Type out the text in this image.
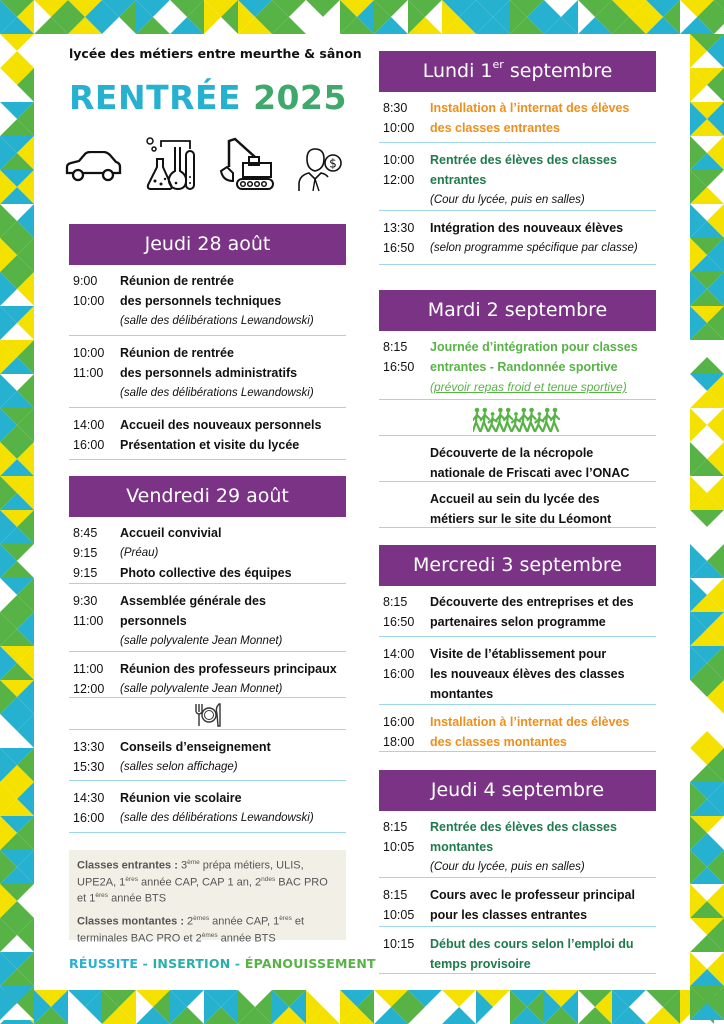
lycée des métiers entre meurthe & sânon
RENTRÉE 2025
$
Jeudi 28 août
9:00
10:00
Réunion de rentrée
des personnels techniques
(salle des délibérations Lewandowski)
10:00
11:00
Réunion de rentrée
des personnels administratifs
(salle des délibérations Lewandowski)
14:00
16:00
Accueil des nouveaux personnels
Présentation et visite du lycée
Vendredi 29 août
8:45
9:15
9:15
Accueil convivial
(Préau)
Photo collective des équipes
9:30
11:00
Assemblée générale des
personnels
(salle polyvalente Jean Monnet)
11:00
12:00
Réunion des professeurs principaux
(salle polyvalente Jean Monnet)
13:30
15:30
Conseils d’enseignement
(salles selon affichage)
14:30
16:00
Réunion vie scolaire
(salle des délibérations Lewandowski)

Classes entrantes : 3ème prépa métiers, ULIS, UPE2A, 1ères année CAP, CAP 1 an, $2^{ndes}$ BAC PRO et 1ères année BTS

Classes montantes : 2èmes année CAP, 1ères et terminales BAC PRO et 2èmes année BTS

RÉUSSITE - INSERTION - ÉPANOUISSEMENT
Lundi 1er septembre
8:30
10:00
Installation à l’internat des élèves
des classes entrantes
10:00
12:00
Rentrée des élèves des classes
entrantes
(Cour du lycée, puis en salles)
13:30
16:50
Intégration des nouveaux élèves
(selon programme spécifique par classe)
Mardi 2 septembre
8:15
16:50
Journée d’intégration pour classes
entrantes - Randonnée sportive
(prévoir repas froid et tenue sportive)
Découverte de la nécropole
nationale de Friscati avec l’ONAC
Accueil au sein du lycée des
métiers sur le site du Léomont
Mercredi 3 septembre
8:15
16:50
Découverte des entreprises et des
partenaires selon programme
14:00
16:00
Visite de l’établissement pour
les nouveaux élèves des classes
montantes
16:00
18:00
Installation à l’internat des élèves
des classes montantes
Jeudi 4 septembre
8:15
10:05
Rentrée des élèves des classes
montantes
(Cour du lycée, puis en salles)
8:15
10:05
Cours avec le professeur principal
pour les classes entrantes
10:15 Début des cours selon l’emploi du
temps provisoire
